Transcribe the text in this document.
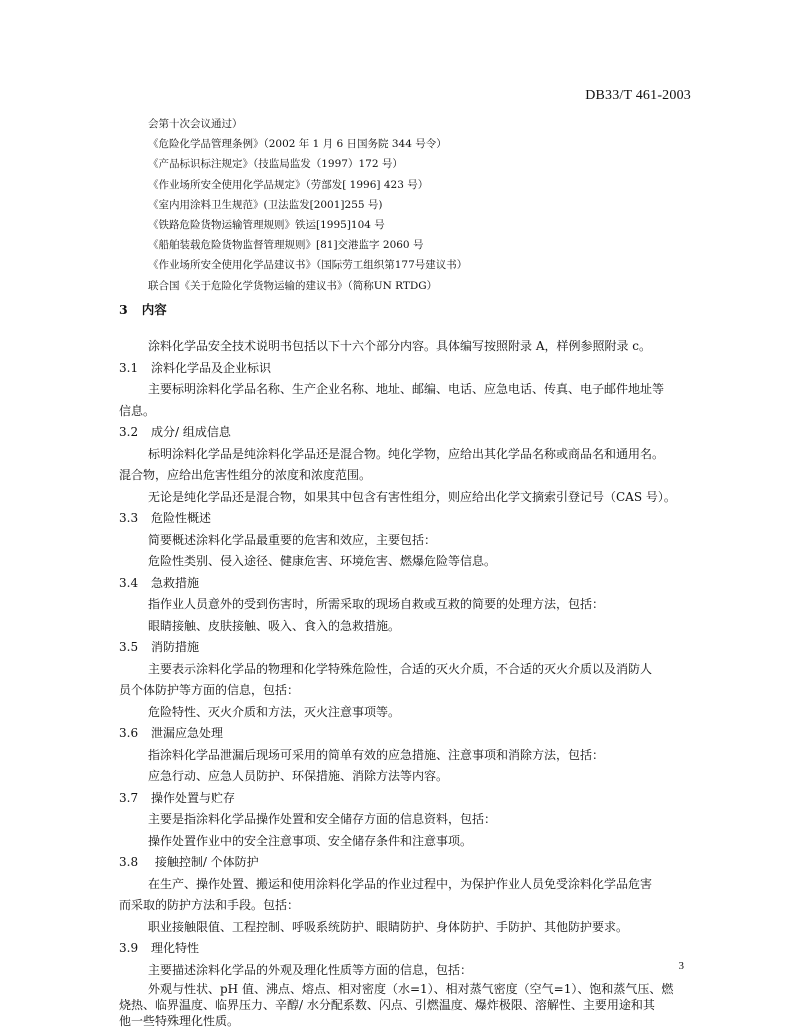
DB33/T 461-2003
会第十次会议通过）
《危险化学品管理条例》（2002 年 1 月 6 日国务院 344 号令）
《产品标识标注规定》（技监局监发（1997）172 号）
《作业场所安全使用化学品规定》（劳部发[ 1996] 423 号）
《室内用涂料卫生规范》(卫法监发[2001]255 号)
《铁路危险货物运输管理规则》铁运[1995]104 号
《船舶装载危险货物监督管理规则》[81]交港监字 2060 号
《作业场所安全使用化学品建议书》（国际劳工组织第177号建议书）
联合国《关于危险化学货物运输的建议书》（简称UN RTDG）
3 内容
涂料化学品安全技术说明书包括以下十六个部分内容。具体编写按照附录 A，样例参照附录 c。
3.1 涂料化学品及企业标识
主要标明涂料化学品名称、生产企业名称、地址、邮编、电话、应急电话、传真、电子邮件地址等
信息。
3.2 成分/ 组成信息
标明涂料化学品是纯涂料化学品还是混合物。纯化学物，应给出其化学品名称或商品名和通用名。
混合物，应给出危害性组分的浓度和浓度范围。
无论是纯化学品还是混合物，如果其中包含有害性组分，则应给出化学文摘索引登记号（CAS 号）。
3.3 危险性概述
简要概述涂料化学品最重要的危害和效应，主要包括：
危险性类别、侵入途径、健康危害、环境危害、燃爆危险等信息。
3.4 急救措施
指作业人员意外的受到伤害时，所需采取的现场自救或互救的简要的处理方法，包括：
眼睛接触、皮肤接触、吸入、食入的急救措施。
3.5 消防措施
主要表示涂料化学品的物理和化学特殊危险性，合适的灭火介质，不合适的灭火介质以及消防人
员个体防护等方面的信息，包括：
危险特性、灭火介质和方法，灭火注意事项等。
3.6 泄漏应急处理
指涂料化学品泄漏后现场可采用的简单有效的应急措施、注意事项和消除方法，包括：
应急行动、应急人员防护、环保措施、消除方法等内容。
3.7 操作处置与贮存
主要是指涂料化学品操作处置和安全储存方面的信息资料，包括：
操作处置作业中的安全注意事项、安全储存条件和注意事项。
3.8 接触控制/ 个体防护
在生产、操作处置、搬运和使用涂料化学品的作业过程中，为保护作业人员免受涂料化学品危害
而采取的防护方法和手段。包括：
职业接触限值、工程控制、呼吸系统防护、眼睛防护、身体防护、手防护、其他防护要求。
3.9 理化特性
主要描述涂料化学品的外观及理化性质等方面的信息，包括：
外观与性状、pH 值、沸点、熔点、相对密度（水=1）、相对蒸气密度（空气=1）、饱和蒸气压、燃
烧热、临界温度、临界压力、辛醇/ 水分配系数、闪点、引燃温度、爆炸极限、溶解性、主要用途和其
他一些特殊理化性质。
3
